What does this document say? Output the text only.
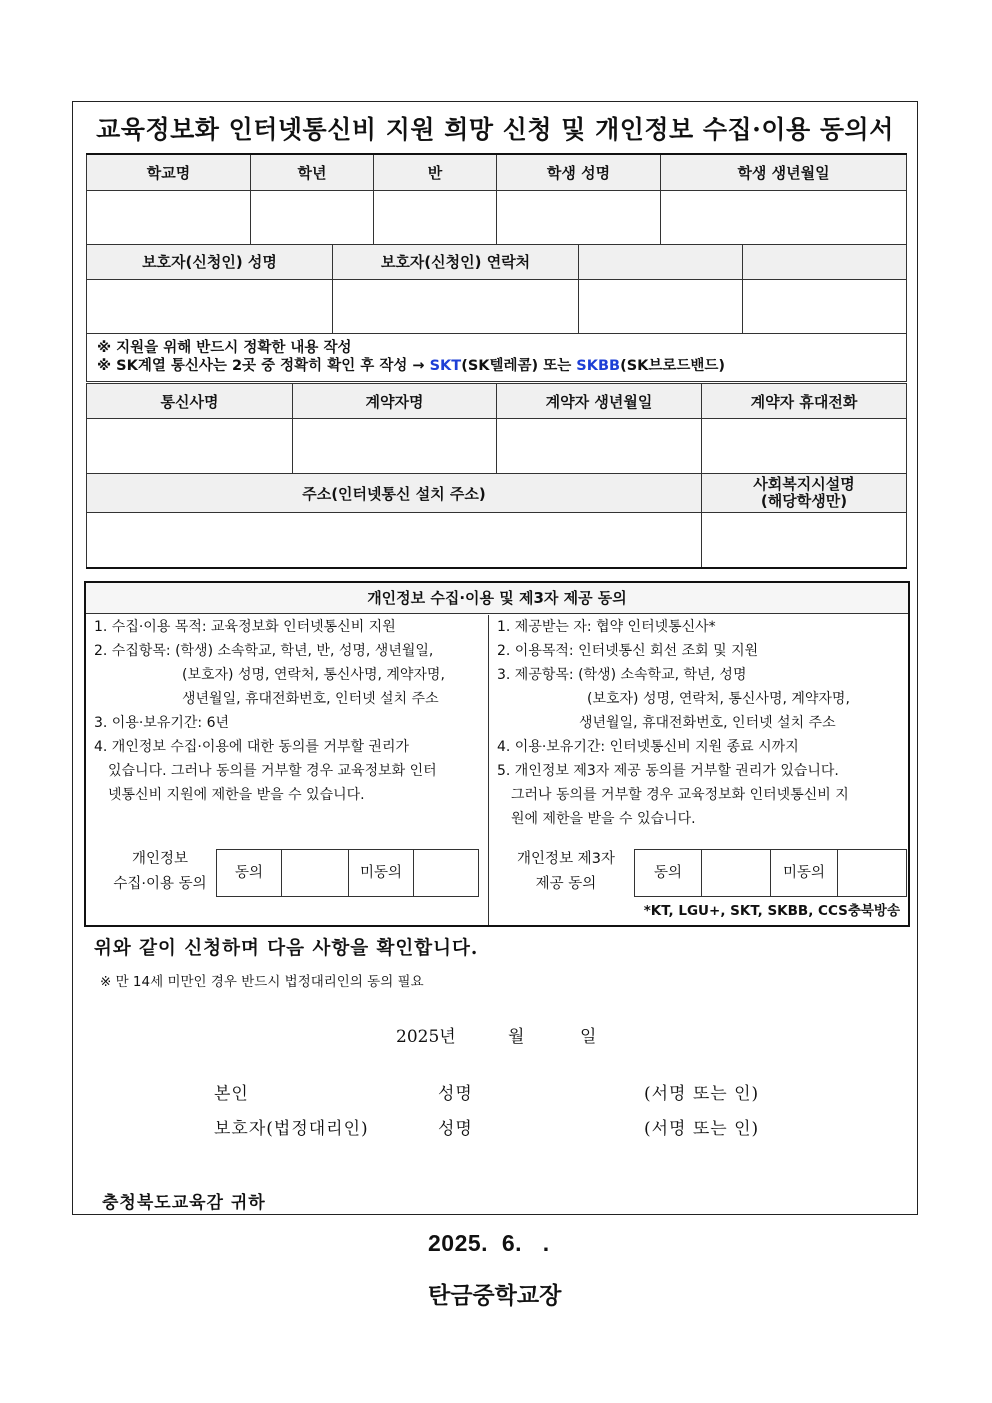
교육정보화 인터넷통신비 지원 희망 신청 및 개인정보 수집·이용 동의서
학교명	학년		반	학생 성명		학생 생년월일	

보호자(신청인) 성명		보호자(신청인) 연락처					

※ 지원을 위해 반드시 정확한 내용 작성
※ SK계열 통신사는 2곳 중 정확히 확인 후 작성 → SKT(SK텔레콤) 또는 SKBB(SK브로드밴드)							
통신사명	계약자명	계약자 생년월일	계약자 휴대전화

주소(인터넷통신 설치 주소)			사회복지시설명
(해당학생만)

개인정보 수집·이용 및 제3자 제공 동의
1. 수집·이용 목적: 교육정보화 인터넷통신비 지원
2. 수집항목: (학생) 소속학교, 학년, 반, 성명, 생년월일,
(보호자) 성명, 연락처, 통신사명, 계약자명,
생년월일, 휴대전화번호, 인터넷 설치 주소
3. 이용·보유기간: 6년
4. 개인정보 수집·이용에 대한 동의를 거부할 권리가
있습니다. 그러나 동의를 거부할 경우 교육정보화 인터
넷통신비 지원에 제한을 받을 수 있습니다.
개인정보
수집·이용 동의
동의		미동의	
1. 제공받는 자: 협약 인터넷통신사*
2. 이용목적: 인터넷통신 회선 조회 및 지원
3. 제공항목: (학생) 소속학교, 학년, 성명
(보호자) 성명, 연락처, 통신사명, 계약자명,
생년월일, 휴대전화번호, 인터넷 설치 주소
4. 이용·보유기간: 인터넷통신비 지원 종료 시까지
5. 개인정보 제3자 제공 동의를 거부할 권리가 있습니다.
그러나 동의를 거부할 경우 교육정보화 인터넷통신비 지
원에 제한을 받을 수 있습니다.
개인정보 제3자
제공 동의
동의		미동의	
*KT, LGU+, SKT, SKBB, CCS충북방송
위와 같이 신청하며 다음 사항을 확인합니다.
※ 만 14세 미만인 경우 반드시 법정대리인의 동의 필요
2025년	월	일
본인	성명	(서명 또는 인)
보호자(법정대리인)	성명	(서명 또는 인)
충청북도교육감 귀하
2025.  6.   .
탄금중학교장
